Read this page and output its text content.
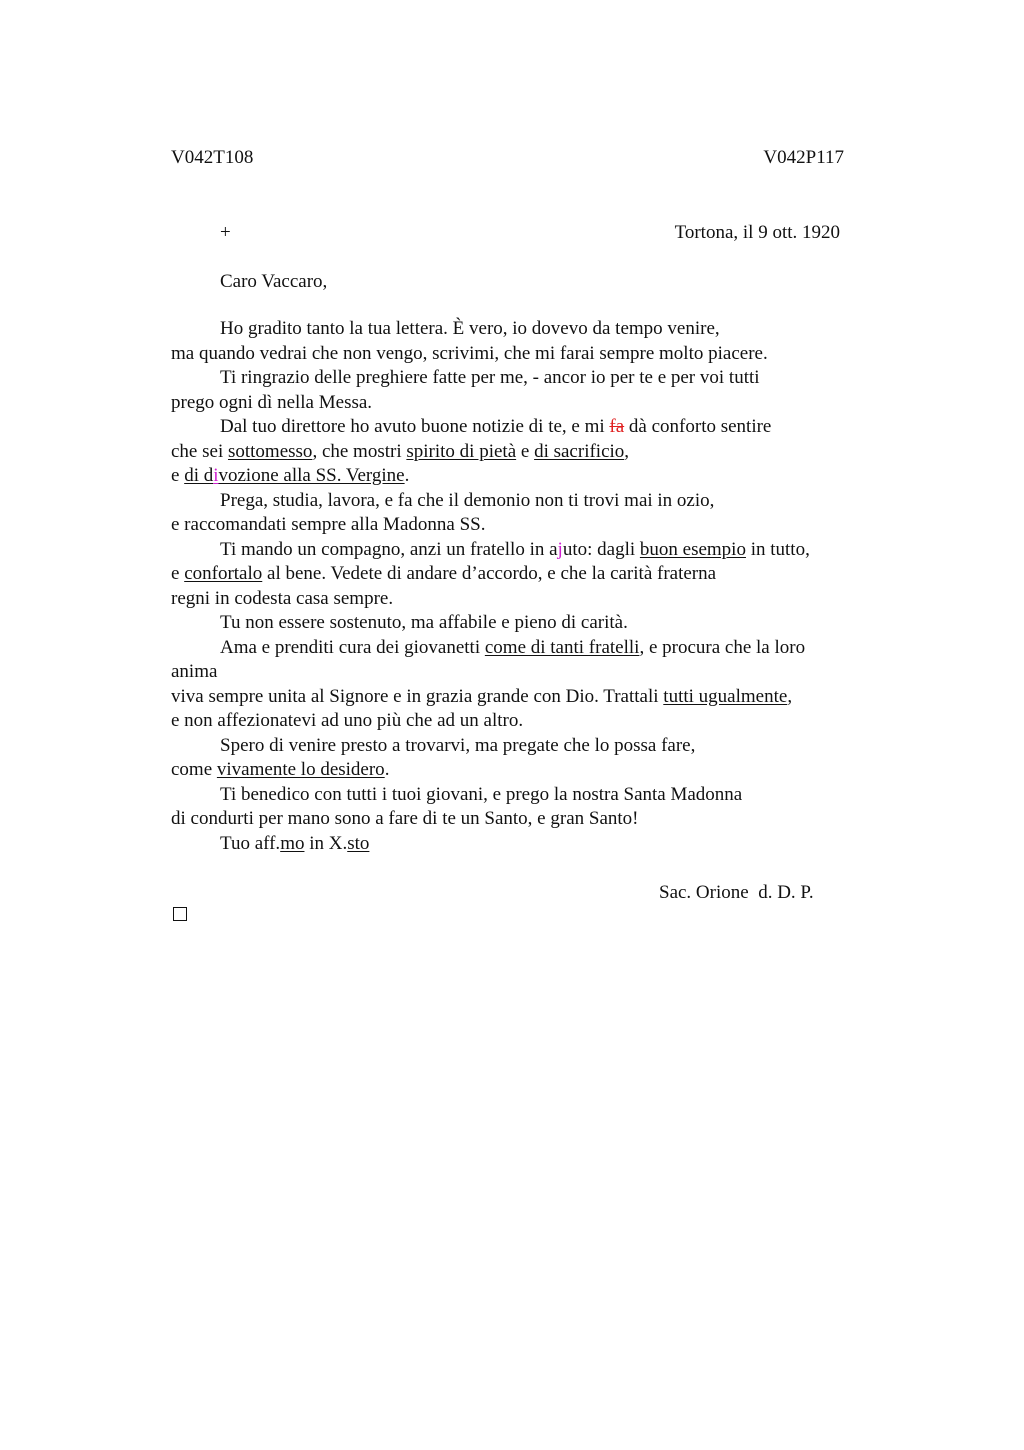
V042T108	V042P117
+	Tortona, il 9 ott. 1920
Caro Vaccaro,
Ho gradito tanto la tua lettera. È vero, io dovevo da tempo venire,
ma quando vedrai che non vengo, scrivimi, che mi farai sempre molto piacere.
Ti ringrazio delle preghiere fatte per me, - ancor io per te e per voi tutti
prego ogni dì nella Messa.
Dal tuo direttore ho avuto buone notizie di te, e mi fa dà conforto sentire
che sei sottomesso, che mostri spirito di pietà e di sacrificio,
e di divozione alla SS. Vergine.
Prega, studia, lavora, e fa che il demonio non ti trovi mai in ozio,
e raccomandati sempre alla Madonna SS.
Ti mando un compagno, anzi un fratello in ajuto: dagli buon esempio in tutto,
e confortalo al bene. Vedete di andare d’accordo, e che la carità fraterna
regni in codesta casa sempre.
Tu non essere sostenuto, ma affabile e pieno di carità.
Ama e prenditi cura dei giovanetti come di tanti fratelli, e procura che la loro
anima
viva sempre unita al Signore e in grazia grande con Dio. Trattali tutti ugualmente,
e non affezionatevi ad uno più che ad un altro.
Spero di venire presto a trovarvi, ma pregate che lo possa fare,
come vivamente lo desidero.
Ti benedico con tutti i tuoi giovani, e prego la nostra Santa Madonna
di condurti per mano sono a fare di te un Santo, e gran Santo!
Tuo aff.mo in X.sto
Sac. Orione  d. D. P.
